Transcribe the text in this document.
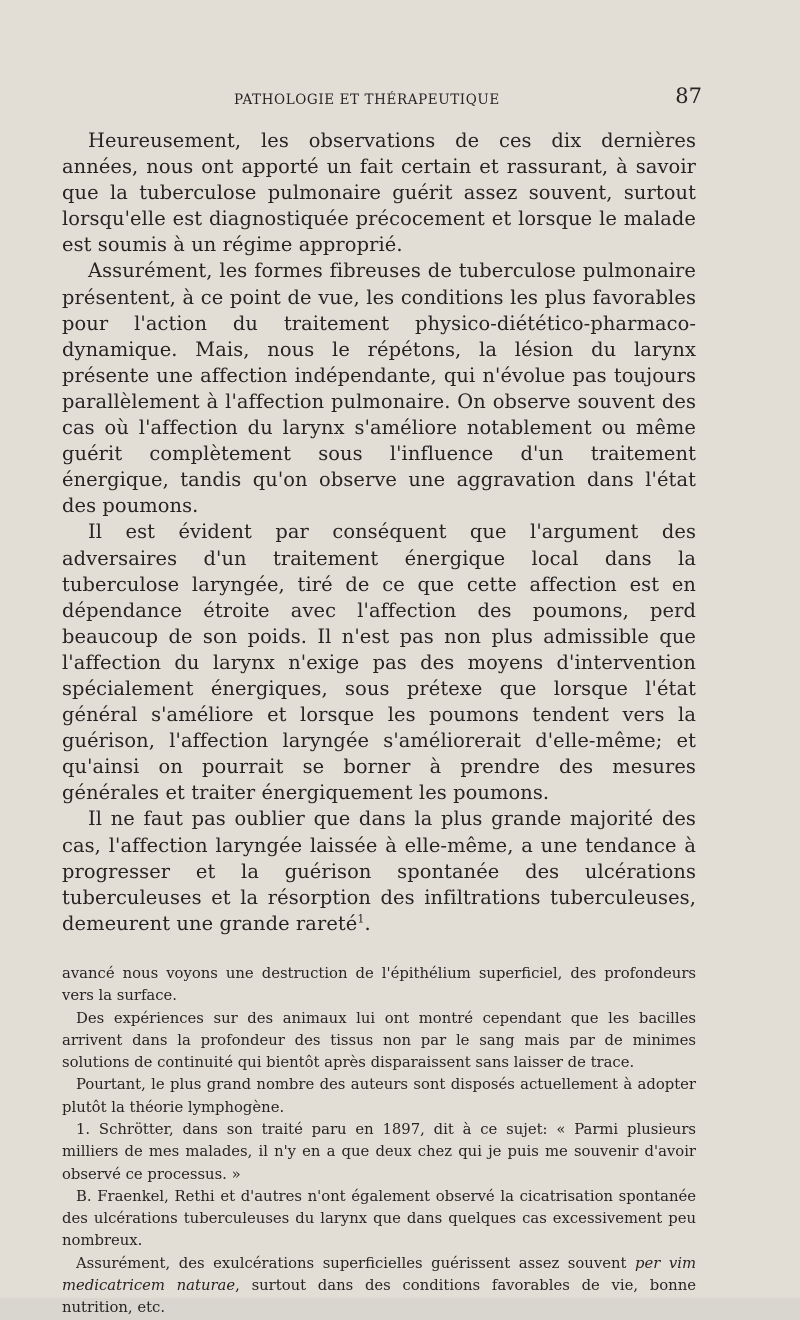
PATHOLOGIE ET THÉRAPEUTIQUE	87

Heureusement, les observations de ces dix dernières années, nous ont apporté un fait certain et rassurant, à savoir que la tuberculose pulmonaire guérit assez souvent, surtout lorsqu'elle est diagnostiquée précocement et lorsque le malade est soumis à un régime approprié.

Assurément, les formes fibreuses de tuberculose pulmonaire présentent, à ce point de vue, les conditions les plus favorables pour l'action du traitement physico-diétético-pharmaco-dynamique. Mais, nous le répétons, la lésion du larynx présente une affection indépendante, qui n'évolue pas toujours parallèlement à l'affection pulmonaire. On observe souvent des cas où l'affection du larynx s'améliore notablement ou même guérit complètement sous l'influence d'un traitement énergique, tandis qu'on observe une aggravation dans l'état des poumons.

Il est évident par conséquent que l'argument des adversaires d'un traitement énergique local dans la tuberculose laryngée, tiré de ce que cette affection est en dépendance étroite avec l'affection des poumons, perd beaucoup de son poids. Il n'est pas non plus admissible que l'affection du larynx n'exige pas des moyens d'intervention spécialement énergiques, sous prétexe que lorsque l'état général s'améliore et lorsque les poumons tendent vers la guérison, l'affection laryngée s'améliorerait d'elle-même; et qu'ainsi on pourrait se borner à prendre des mesures générales et traiter énergiquement les poumons.

Il ne faut pas oublier que dans la plus grande majorité des cas, l'affection laryngée laissée à elle-même, a une tendance à progresser et la guérison spontanée des ulcérations tuberculeuses et la résorption des infiltrations tuberculeuses, demeurent une grande rareté$^1$.

avancé nous voyons une destruction de l'épithélium superficiel, des profondeurs vers la surface.

Des expériences sur des animaux lui ont montré cependant que les bacilles arrivent dans la profondeur des tissus non par le sang mais par de minimes solutions de continuité qui bientôt après disparaissent sans laisser de trace.

Pourtant, le plus grand nombre des auteurs sont disposés actuellement à adopter plutôt la théorie lymphogène.

1. Schrötter, dans son traité paru en 1897, dit à ce sujet: « Parmi plusieurs milliers de mes malades, il n'y en a que deux chez qui je puis me souvenir d'avoir observé ce processus. »

B. Fraenkel, Rethi et d'autres n'ont également observé la cicatrisation spontanée des ulcérations tuberculeuses du larynx que dans quelques cas excessivement peu nombreux.

Assurément, des exulcérations superficielles guérissent assez souvent per vim medicatricem naturae, surtout dans des conditions favorables de vie, bonne nutrition, etc.
